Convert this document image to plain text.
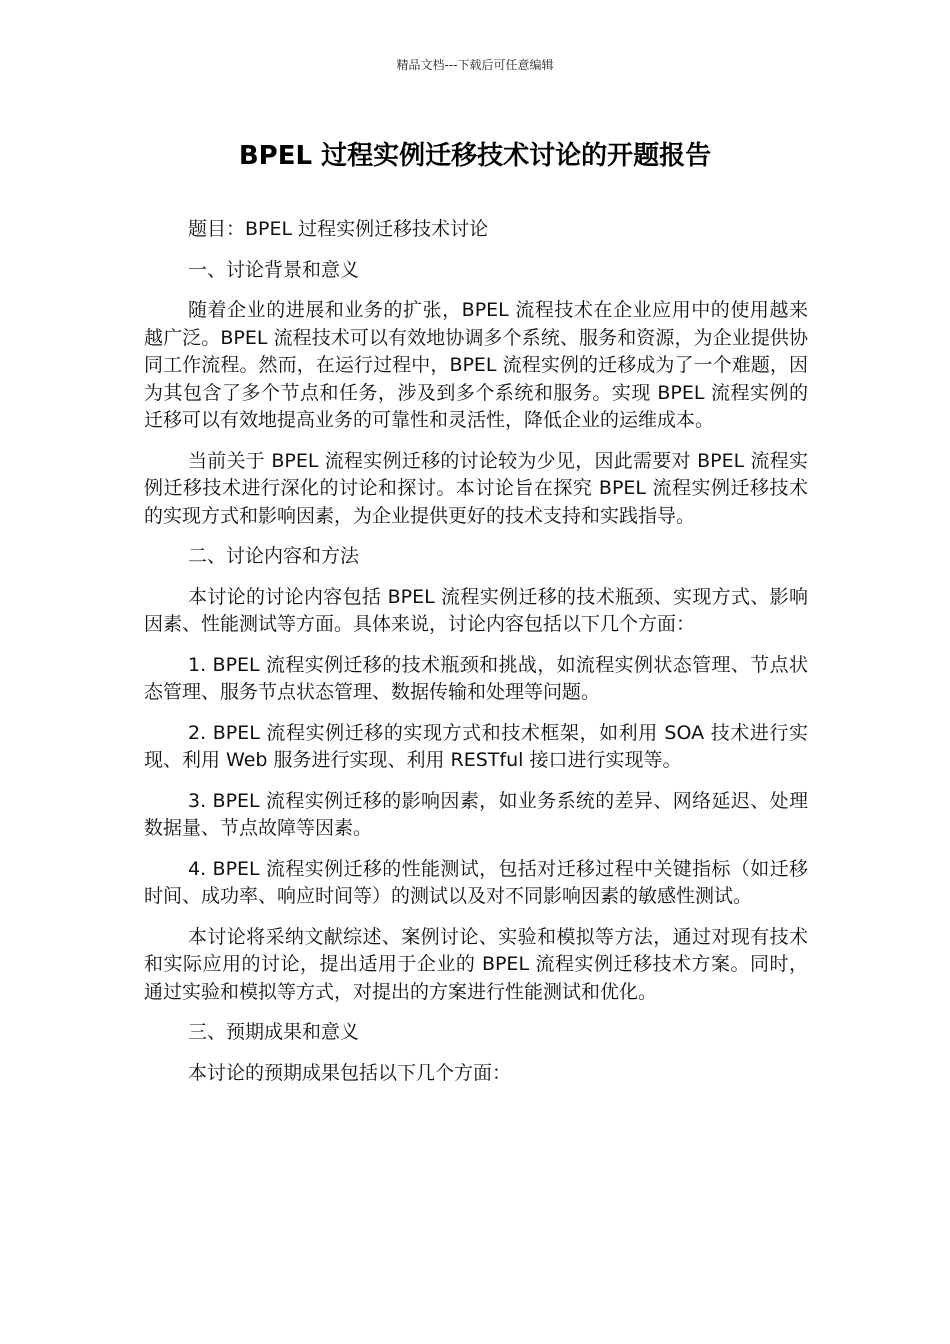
精品文档---下载后可任意编辑
BPEL 过程实例迁移技术讨论的开题报告

题目：BPEL 过程实例迁移技术讨论

一、讨论背景和意义

随着企业的进展和业务的扩张，BPEL 流程技术在企业应用中的使用越来越广泛。BPEL 流程技术可以有效地协调多个系统、服务和资源，为企业提供协同工作流程。然而，在运行过程中，BPEL 流程实例的迁移成为了一个难题，因为其包含了多个节点和任务，涉及到多个系统和服务。实现 BPEL 流程实例的迁移可以有效地提高业务的可靠性和灵活性，降低企业的运维成本。

当前关于 BPEL 流程实例迁移的讨论较为少见，因此需要对 BPEL 流程实例迁移技术进行深化的讨论和探讨。本讨论旨在探究 BPEL 流程实例迁移技术的实现方式和影响因素，为企业提供更好的技术支持和实践指导。

二、讨论内容和方法

本讨论的讨论内容包括 BPEL 流程实例迁移的技术瓶颈、实现方式、影响因素、性能测试等方面。具体来说，讨论内容包括以下几个方面：

1. BPEL 流程实例迁移的技术瓶颈和挑战，如流程实例状态管理、节点状态管理、服务节点状态管理、数据传输和处理等问题。

2. BPEL 流程实例迁移的实现方式和技术框架，如利用 SOA 技术进行实现、利用 Web 服务进行实现、利用 RESTful 接口进行实现等。

3. BPEL 流程实例迁移的影响因素，如业务系统的差异、网络延迟、处理数据量、节点故障等因素。

4. BPEL 流程实例迁移的性能测试，包括对迁移过程中关键指标（如迁移时间、成功率、响应时间等）的测试以及对不同影响因素的敏感性测试。

本讨论将采纳文献综述、案例讨论、实验和模拟等方法，通过对现有技术和实际应用的讨论，提出适用于企业的 BPEL 流程实例迁移技术方案。同时，通过实验和模拟等方式，对提出的方案进行性能测试和优化。

三、预期成果和意义

本讨论的预期成果包括以下几个方面：
